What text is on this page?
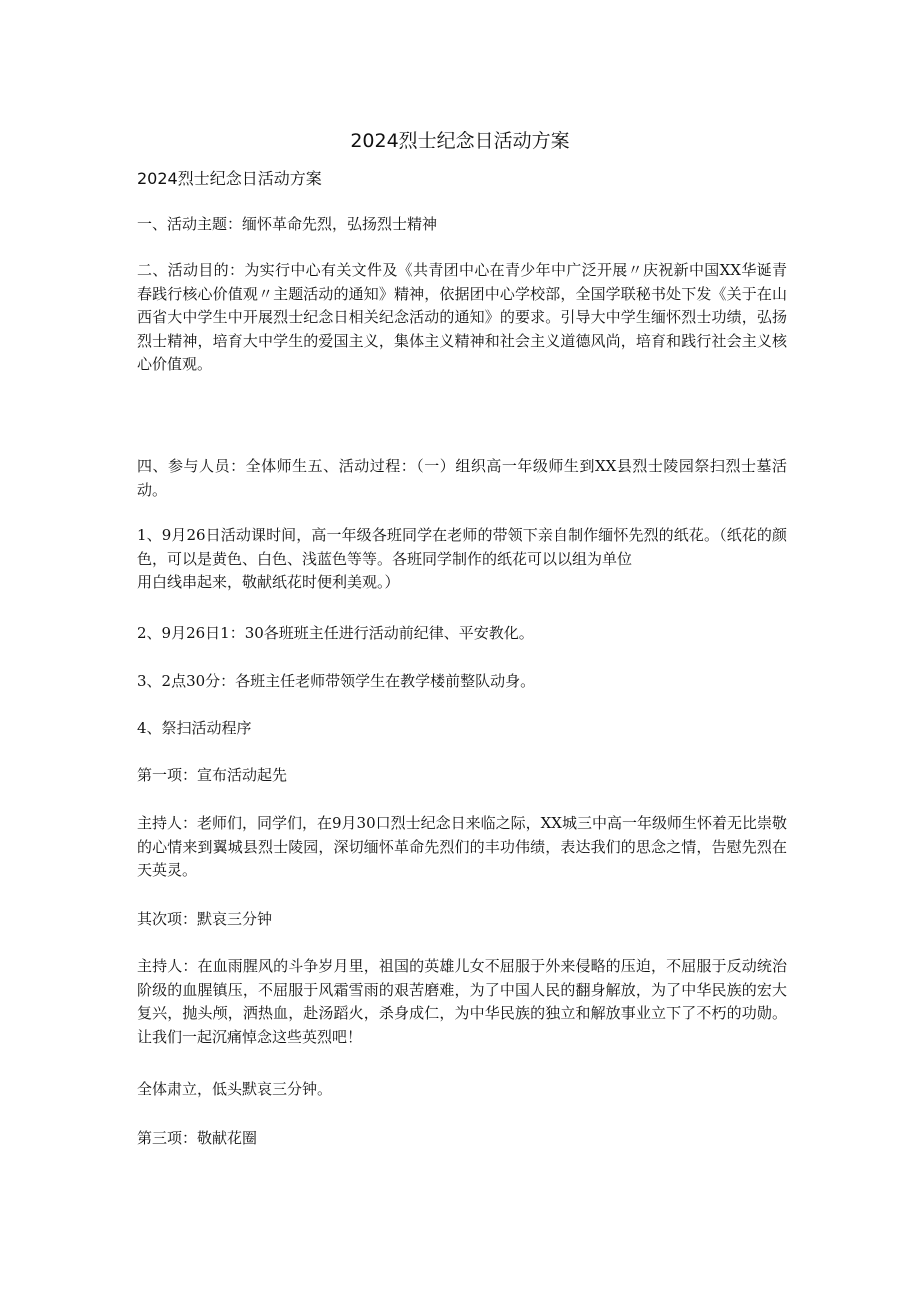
2024烈士纪念日活动方案
2024烈士纪念日活动方案

一、活动主题：缅怀革命先烈，弘扬烈士精神

二、活动目的：为实行中心有关文件及《共青团中心在青少年中广泛开展〃庆祝新中国XX华诞青春践行核心价值观〃主题活动的通知》精神，依据团中心学校部，全国学联秘书处下发《关于在山西省大中学生中开展烈士纪念日相关纪念活动的通知》的要求。引导大中学生缅怀烈士功绩，弘扬烈士精神，培育大中学生的爱国主义，集体主义精神和社会主义道德风尚，培育和践行社会主义核心价值观。

四、参与人员：全体师生五、活动过程：（一）组织高一年级师生到XX县烈士陵园祭扫烈士墓活动。

1、9月26日活动课时间，高一年级各班同学在老师的带领下亲自制作缅怀先烈的纸花。（纸花的颜色，可以是黄色、白色、浅蓝色等等。各班同学制作的纸花可以以组为单位

用白线串起来，敬献纸花时便利美观。）

2、9月26日1：30各班班主任进行活动前纪律、平安教化。

3、2点30分：各班主任老师带领学生在教学楼前整队动身。

4、祭扫活动程序

第一项：宣布活动起先

主持人：老师们，同学们，在9月30口烈士纪念日来临之际，XX城三中高一年级师生怀着无比崇敬的心情来到翼城县烈士陵园，深切缅怀革命先烈们的丰功伟绩，表达我们的思念之情，告慰先烈在天英灵。

其次项：默哀三分钟

主持人：在血雨腥风的斗争岁月里，祖国的英雄儿女不屈服于外来侵略的压迫，不屈服于反动统治阶级的血腥镇压，不屈服于风霜雪雨的艰苦磨难，为了中国人民的翻身解放，为了中华民族的宏大复兴，抛头颅，洒热血，赴汤蹈火，杀身成仁，为中华民族的独立和解放事业立下了不朽的功勋。让我们一起沉痛悼念这些英烈吧！

全体肃立，低头默哀三分钟。

第三项：敬献花圈
